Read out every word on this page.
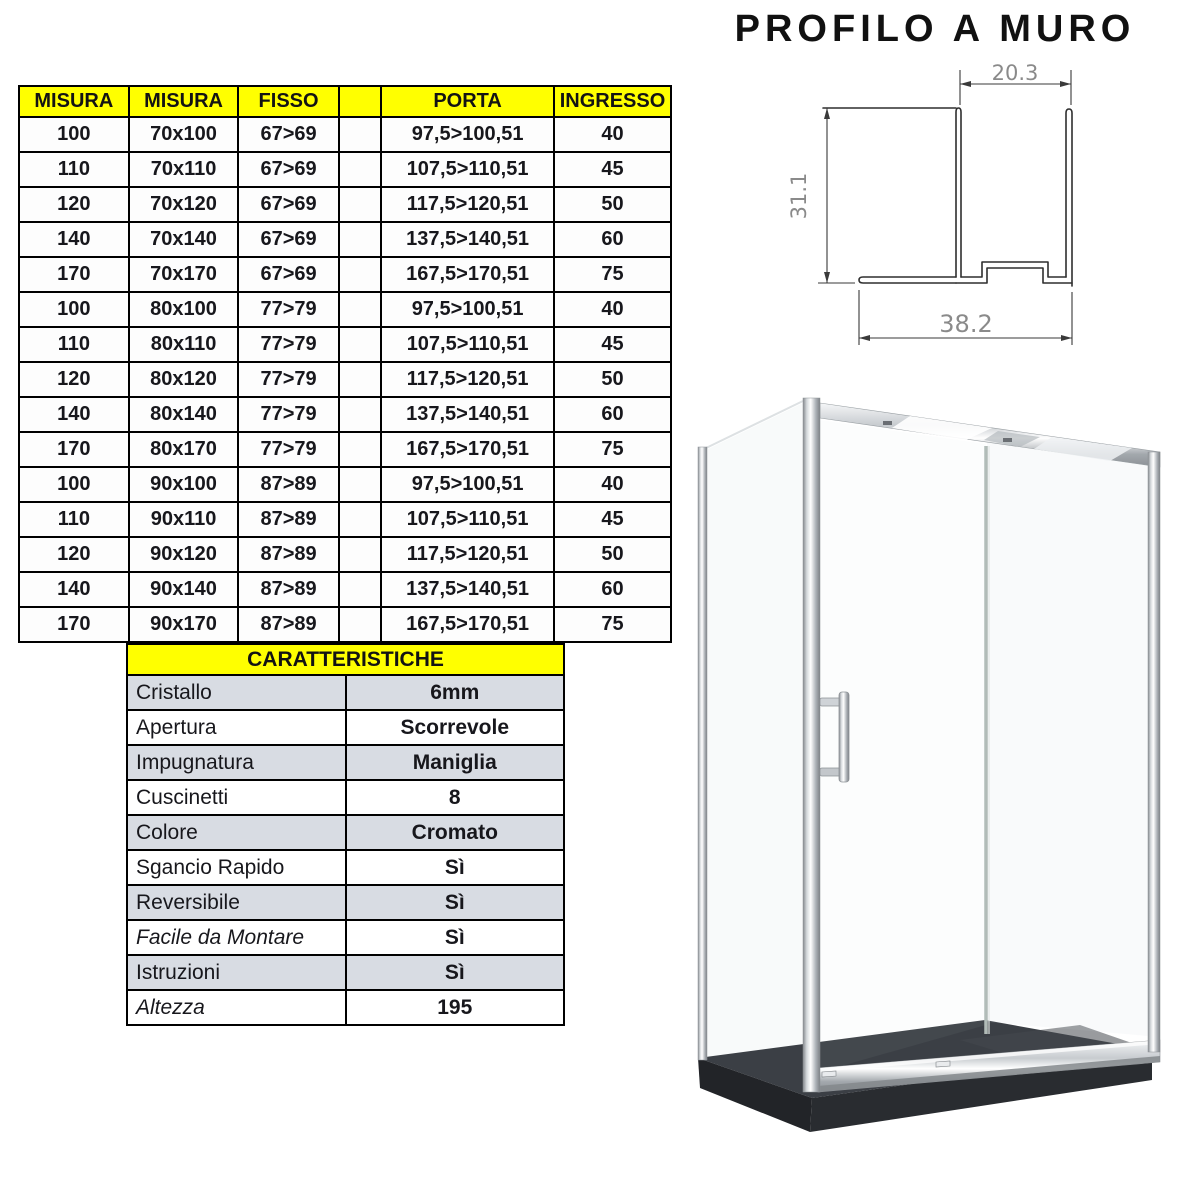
MISURA	MISURA	FISSO		PORTA	INGRESSO
100	70x100	67>69		97,5>100,51	40
110	70x110	67>69		107,5>110,51	45
120	70x120	67>69		117,5>120,51	50
140	70x140	67>69		137,5>140,51	60
170	70x170	67>69		167,5>170,51	75
100	80x100	77>79		97,5>100,51	40
110	80x110	77>79		107,5>110,51	45
120	80x120	77>79		117,5>120,51	50
140	80x140	77>79		137,5>140,51	60
170	80x170	77>79		167,5>170,51	75
100	90x100	87>89		97,5>100,51	40
110	90x110	87>89		107,5>110,51	45
120	90x120	87>89		117,5>120,51	50
140	90x140	87>89		137,5>140,51	60
170	90x170	87>89		167,5>170,51	75
CARATTERISTICHE	
Cristallo	6mm
Apertura	Scorrevole
Impugnatura	Maniglia
Cuscinetti	8
Colore	Cromato
Sgancio Rapido	Sì
Reversibile	Sì
Facile da Montare	Sì
Istruzioni	Sì
Altezza	195
PROFILO A MURO
20.3
31.1
38.2
